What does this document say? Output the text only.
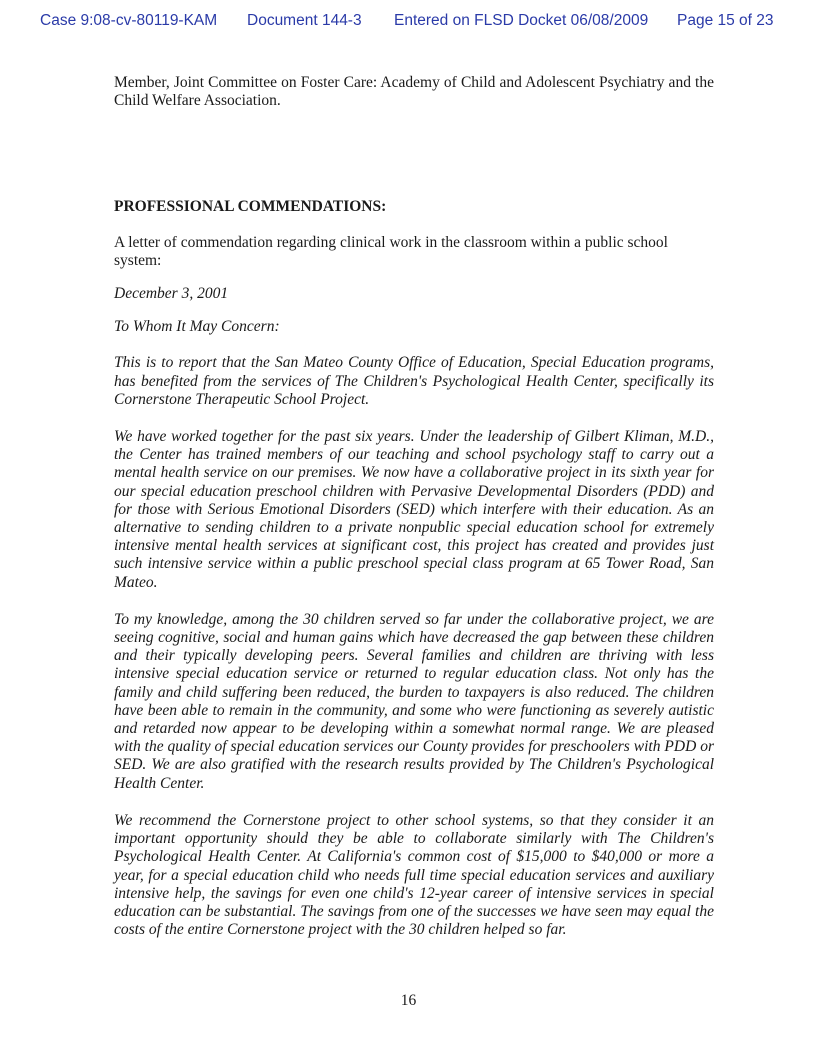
Case 9:08-cv-80119-KAM Document 144-3 Entered on FLSD Docket 06/08/2009 Page 15 of 23

Member, Joint Committee on Foster Care: Academy of Child and Adolescent Psychiatry and the Child Welfare Association.

PROFESSIONAL COMMENDATIONS:

A letter of commendation regarding clinical work in the classroom within a public school system:

December 3, 2001

To Whom It May Concern:

This is to report that the San Mateo County Office of Education, Special Education programs, has benefited from the services of The Children's Psychological Health Center, specifically its Cornerstone Therapeutic School Project.

We have worked together for the past six years. Under the leadership of Gilbert Kliman, M.D., the Center has trained members of our teaching and school psychology staff to carry out a mental health service on our premises. We now have a collaborative project in its sixth year for our special education preschool children with Pervasive Developmental Disorders (PDD) and for those with Serious Emotional Disorders (SED) which interfere with their education. As an alternative to sending children to a private nonpublic special education school for extremely intensive mental health services at significant cost, this project has created and provides just such intensive service within a public preschool special class program at 65 Tower Road, San Mateo.

To my knowledge, among the 30 children served so far under the collaborative project, we are seeing cognitive, social and human gains which have decreased the gap between these children and their typically developing peers. Several families and children are thriving with less intensive special education service or returned to regular education class. Not only has the family and child suffering been reduced, the burden to taxpayers is also reduced. The children have been able to remain in the community, and some who were functioning as severely autistic and retarded now appear to be developing within a somewhat normal range. We are pleased with the quality of special education services our County provides for preschoolers with PDD or SED. We are also gratified with the research results provided by The Children's Psychological Health Center.

We recommend the Cornerstone project to other school systems, so that they consider it an important opportunity should they be able to collaborate similarly with The Children's Psychological Health Center. At California's common cost of $15,000 to $40,000 or more a year, for a special education child who needs full time special education services and auxiliary intensive help, the savings for even one child's 12-year career of intensive services in special education can be substantial. The savings from one of the successes we have seen may equal the costs of the entire Cornerstone project with the 30 children helped so far.

16
